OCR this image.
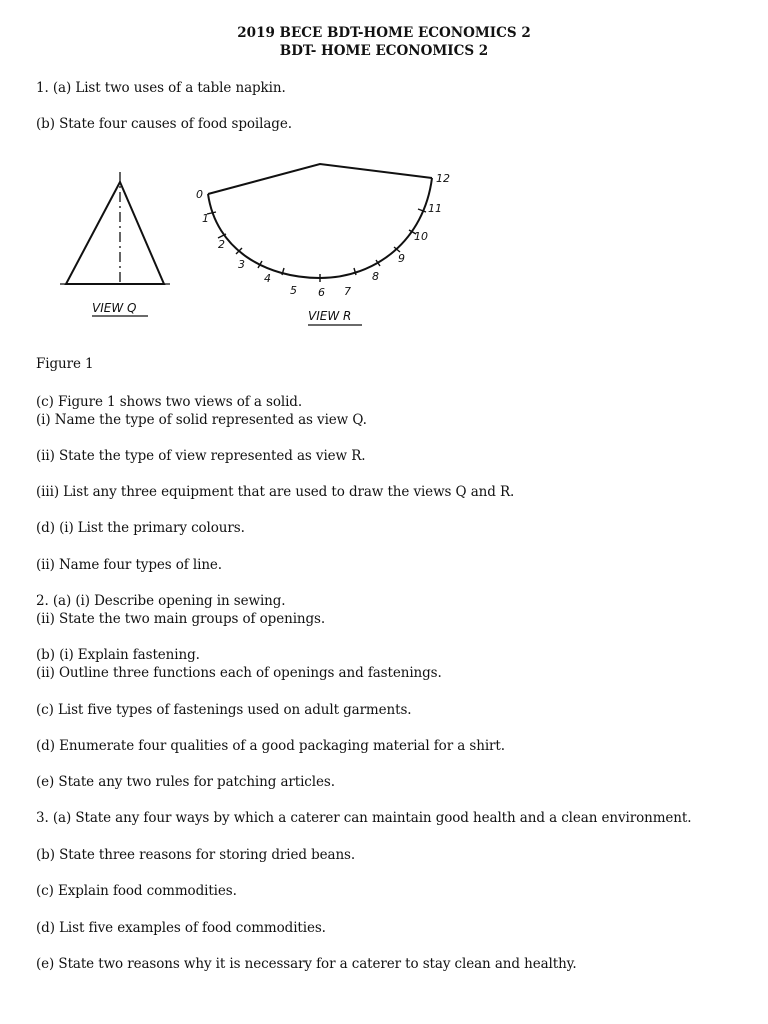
2019 BECE BDT-HOME ECONOMICS 2
BDT- HOME ECONOMICS 2
1. (a) List two uses of a table napkin.
(b) State four causes of food spoilage.
VIEW Q
0
1
2
3
4
5 6 7
8
9
10
11
12
VIEW R
Figure 1
(c) Figure 1 shows two views of a solid.
(i) Name the type of solid represented as view Q.
(ii) State the type of view represented as view R.
(iii) List any three equipment that are used to draw the views Q and R.
(d) (i) List the primary colours.
(ii) Name four types of line.
2. (a) (i) Describe opening in sewing.
(ii) State the two main groups of openings.
(b) (i) Explain fastening.
(ii) Outline three functions each of openings and fastenings.
(c) List five types of fastenings used on adult garments.
(d) Enumerate four qualities of a good packaging material for a shirt.
(e) State any two rules for patching articles.
3. (a) State any four ways by which a caterer can maintain good health and a clean environment.
(b) State three reasons for storing dried beans.
(c) Explain food commodities.
(d) List five examples of food commodities.
(e) State two reasons why it is necessary for a caterer to stay clean and healthy.
